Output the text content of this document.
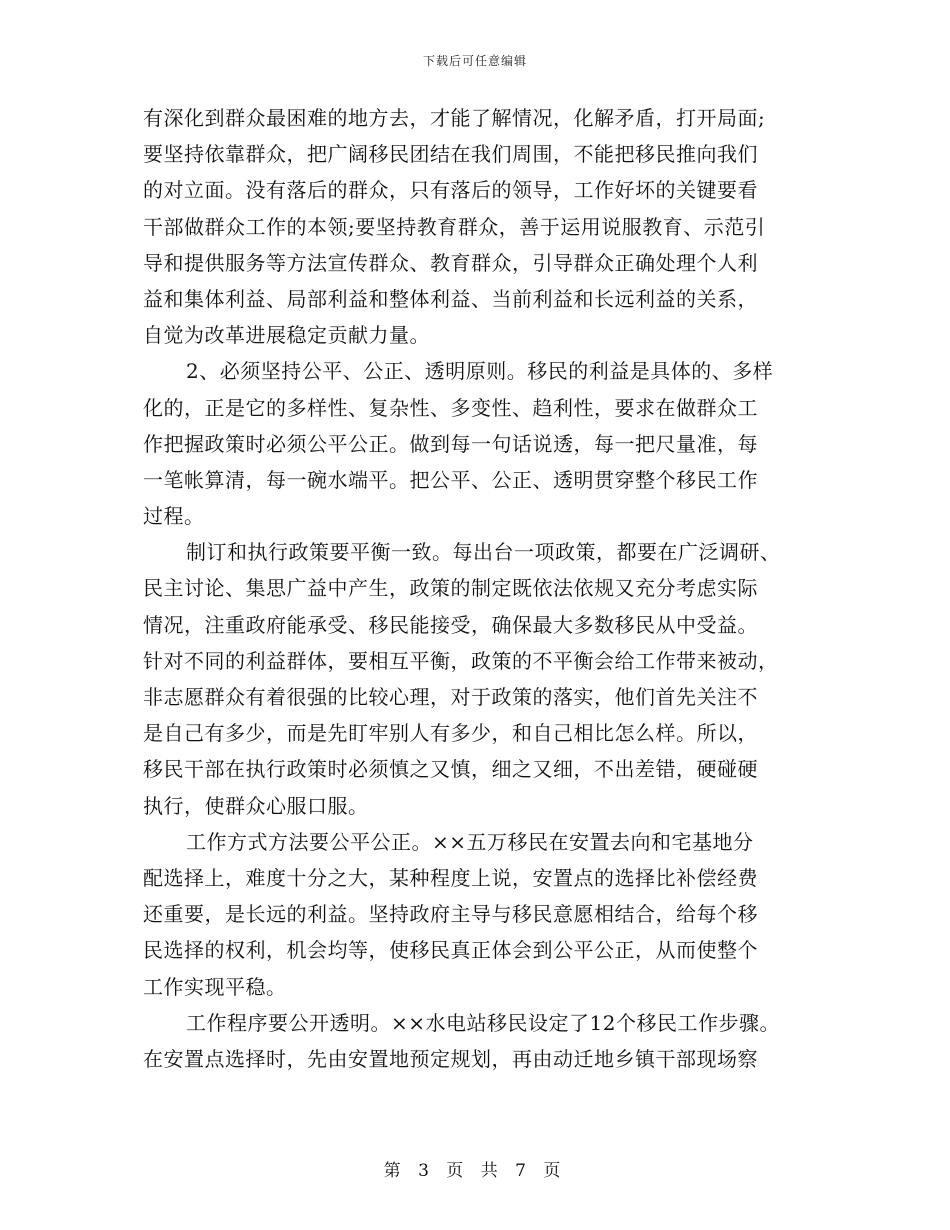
下载后可任意编辑
有深化到群众最困难的地方去，才能了解情况，化解矛盾，打开局面;
要坚持依靠群众，把广阔移民团结在我们周围，不能把移民推向我们
的对立面。没有落后的群众，只有落后的领导，工作好坏的关键要看
干部做群众工作的本领;要坚持教育群众，善于运用说服教育、示范引
导和提供服务等方法宣传群众、教育群众，引导群众正确处理个人利
益和集体利益、局部利益和整体利益、当前利益和长远利益的关系，
自觉为改革进展稳定贡献力量。
2、必须坚持公平、公正、透明原则。移民的利益是具体的、多样
化的，正是它的多样性、复杂性、多变性、趋利性，要求在做群众工
作把握政策时必须公平公正。做到每一句话说透，每一把尺量准，每
一笔帐算清，每一碗水端平。把公平、公正、透明贯穿整个移民工作
过程。
制订和执行政策要平衡一致。每出台一项政策，都要在广泛调研、
民主讨论、集思广益中产生，政策的制定既依法依规又充分考虑实际
情况，注重政府能承受、移民能接受，确保最大多数移民从中受益。
针对不同的利益群体，要相互平衡，政策的不平衡会给工作带来被动，
非志愿群众有着很强的比较心理，对于政策的落实，他们首先关注不
是自己有多少，而是先盯牢别人有多少，和自己相比怎么样。所以，
移民干部在执行政策时必须慎之又慎，细之又细，不出差错，硬碰硬
执行，使群众心服口服。
工作方式方法要公平公正。××五万移民在安置去向和宅基地分
配选择上，难度十分之大，某种程度上说，安置点的选择比补偿经费
还重要，是长远的利益。坚持政府主导与移民意愿相结合，给每个移
民选择的权利，机会均等，使移民真正体会到公平公正，从而使整个
工作实现平稳。
工作程序要公开透明。××水电站移民设定了12个移民工作步骤。
在安置点选择时，先由安置地预定规划，再由动迁地乡镇干部现场察
第 3 页 共 7 页
